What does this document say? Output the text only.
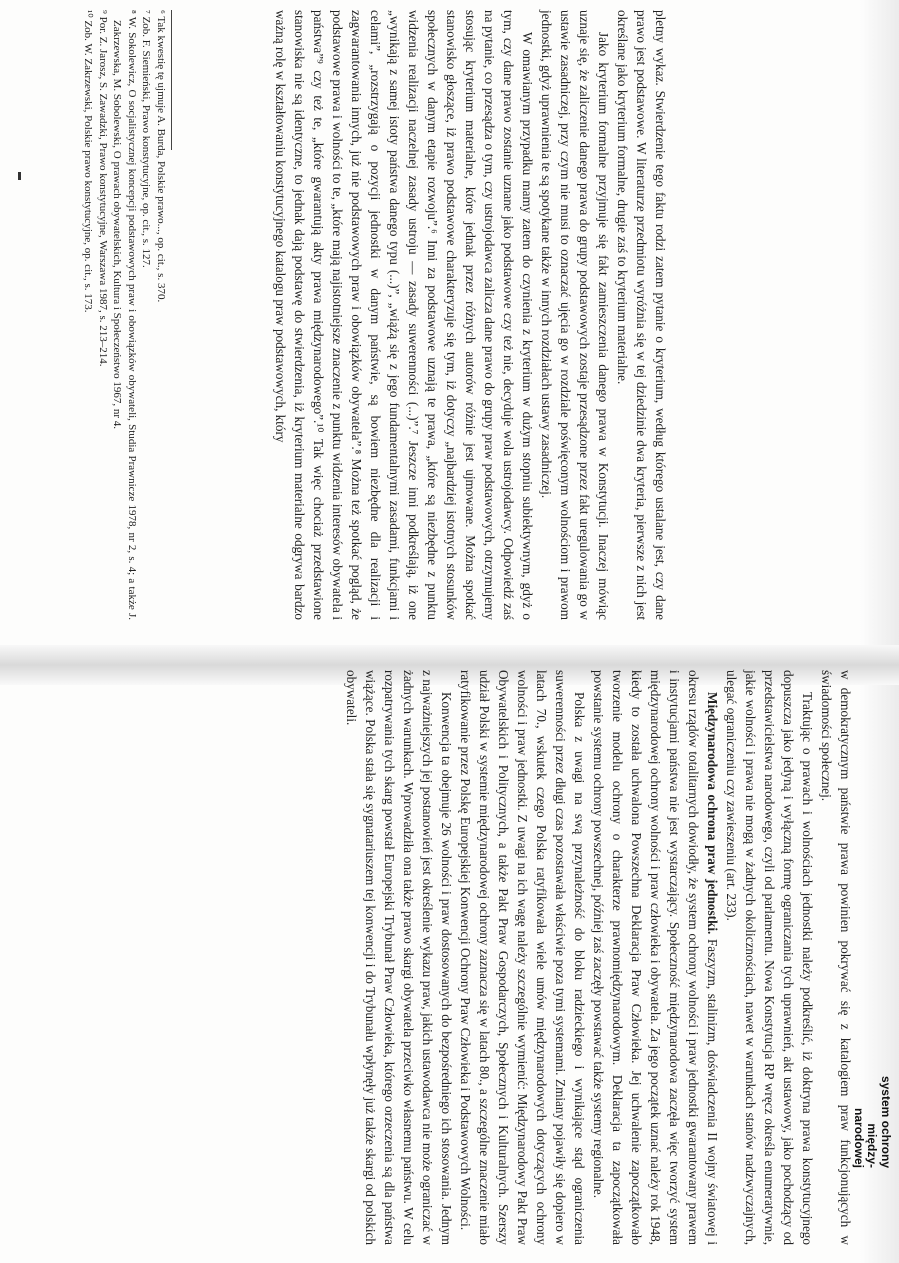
pletny wykaz. Stwierdzenie tego faktu rodzi zatem pytanie o kryterium, według którego ustalane jest, czy dane prawo jest podstawowe. W literaturze przedmiotu wyróżnia się w tej dziedzinie dwa kryteria, pierwsze z nich jest określane jako kryterium formalne, drugie zaś to kryterium materialne.

Jako kryterium formalne przyjmuje się fakt zamieszczenia danego prawa w Konstytucji. Inaczej mówiąc uznaje się, że zaliczenie danego prawa do grupy podstawowych zostaje przesądzone przez fakt uregulowania go w ustawie zasadniczej, przy czym nie musi to oznaczać ujęcia go w rozdziale poświęconym wolnościom i prawom jednostki, gdyż uprawnienia te są spotykane także w innych rozdziałach ustawy zasadniczej.

W omawianym przypadku mamy zatem do czynienia z kryterium w dużym stopniu subiektywnym, gdyż o tym, czy dane prawo zostanie uznane jako podstawowe czy też nie, decyduje wola ustrojodawcy. Odpowiedź zaś na pytanie, co przesądza o tym, czy ustrojodawca zalicza dane prawo do grupy praw podstawowych, otrzymujemy stosując kryterium materialne, które jednak przez różnych autorów różnie jest ujmowane. Można spotkać stanowisko głoszące, iż prawo podstawowe charakteryzuje się tym, iż dotyczy „najbardziej istotnych stosunków społecznych w danym etapie rozwoju”.⁶ Inni za podstawowe uznają te prawa, „które są niezbędne z punktu widzenia realizacji naczelnej zasady ustroju — zasady suwerenności (...)”.⁷ Jeszcze inni podkreślają, iż one „wynikają z samej istoty państwa danego typu (...)”, „wiążą się z jego fundamentalnymi zasadami, funkcjami i celami”, „rozstrzygają o pozycji jednostki w danym państwie, są bowiem niezbędne dla realizacji i zagwarantowania innych, już nie podstawowych praw i obowiązków obywatela”.⁸ Można też spotkać pogląd, że podstawowe prawa i wolności to te, „które mają najistotniejsze znaczenie z punktu widzenia interesów obywatela i państwa”⁹ czy też te, „które gwarantują akty prawa międzynarodowego”.¹⁰ Tak więc chociaż przedstawione stanowiska nie są identyczne, to jednak dają podstawę do stwierdzenia, iż kryterium materialne odgrywa bardzo ważną rolę w kształtowaniu konstytucyjnego katalogu praw podstawowych, który

⁶ Tak kwestię tę ujmuje A. Burda, Polskie prawo..., op. cit., s. 370.

⁷ Zob. F. Siemieński, Prawo konstytucyjne, op. cit., s. 127.

⁸ W. Sokolewicz, O socjalistycznej koncepcji podstawowych praw i obowiązków obywateli, Studia Prawnicze 1978, nr 2, s. 4; a także J. Zakrzewska, M. Sobolewski, O prawach obywatelskich, Kultura i Społeczeństwo 1967, nr 4.

⁹ Por. Z. Jarosz, S. Zawadzki, Prawo konstytucyjne, Warszawa 1987, s. 213–214.

¹⁰ Zob. W. Zakrzewski, Polskie prawo konstytucyjne, op. cit., s. 173.

w demokratycznym państwie prawa powinien pokrywać się z katalogiem praw funkcjonujących w świadomości społecznej.

Traktując o prawach i wolnościach jednostki należy podkreślić, iż doktryna prawa konstytucyjnego dopuszcza jako jedyną i wyłączną formę ograniczania tych uprawnień, akt ustawowy, jako pochodzący od przedstawicielstwa narodowego, czyli od parlamentu. Nowa Konstytucja RP wręcz określa enumeratywnie, jakie wolności i prawa nie mogą w żadnych okolicznościach, nawet w warunkach stanów nadzwyczajnych, ulegać ograniczeniu czy zawieszeniu (art. 233).

Międzynarodowa ochrona praw jednostki. Faszyzm, stalinizm, doświadczenia II wojny światowej i okresu rządów totalitarnych dowiodły, że system ochrony wolności i praw jednostki gwarantowany prawem i instytucjami państwa nie jest wystarczający. Społeczność międzynarodowa zaczęła więc tworzyć system międzynarodowej ochrony wolności i praw człowieka i obywatela. Za jego początek uznać należy rok 1948, kiedy to została uchwalona Powszechna Deklaracja Praw Człowieka. Jej uchwalenie zapoczątkowało tworzenie modelu ochrony o charakterze prawnomiędzynarodowym. Deklaracja ta zapoczątkowała powstanie systemu ochrony powszechnej, później zaś zaczęły powstawać także systemy regionalne.

Polska z uwagi na swą przynależność do bloku radzieckiego i wynikające stąd ograniczenia suwerenności przez długi czas pozostawała właściwie poza tymi systemami. Zmiany pojawiły się dopiero w latach 70., wskutek czego Polska ratyfikowała wiele umów międzynarodowych dotyczących ochrony wolności i praw jednostki. Z uwagi na ich wagę należy szczególnie wymienić: Międzynarodowy Pakt Praw Obywatelskich i Politycznych, a także Pakt Praw Gospodarczych, Społecznych i Kulturalnych. Szerszy udział Polski w systemie międzynarodowej ochrony zaznacza się w latach 80., a szczególne znaczenie miało ratyfikowanie przez Polskę Europejskiej Konwencji Ochrony Praw Człowieka i Podstawowych Wolności.

Konwencja ta obejmuje 26 wolności i praw dostosowanych do bezpośredniego ich stosowania. Jednym z najważniejszych jej postanowień jest określenie wykazu praw, jakich ustawodawca nie może ograniczać w żadnych warunkach. Wprowadziła ona także prawo skargi obywatela przeciwko własnemu państwu. W celu rozpatrywania tych skarg powstał Europejski Trybunał Praw Człowieka, którego orzeczenia są dla państwa wiążące. Polska stała się sygnatariuszem tej konwencji i do Trybunału wpłynęły już także skargi od polskich obywateli.

system ochrony
między-
narodowej
